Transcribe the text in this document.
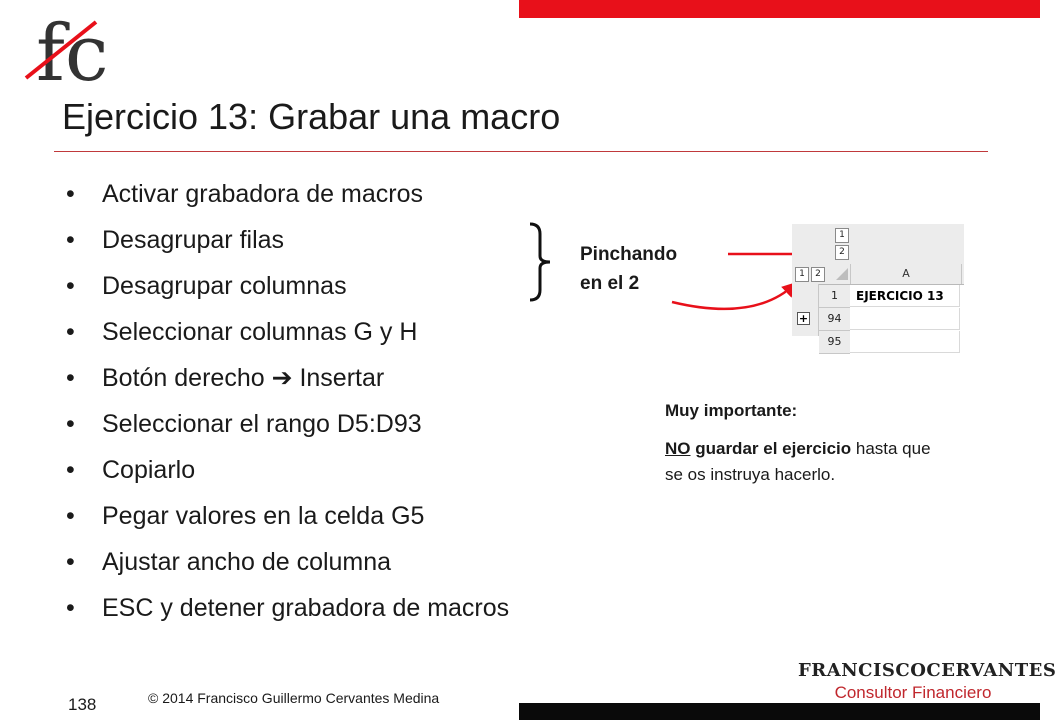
fc
Ejercicio 13: Grabar una macro
• Activar grabadora de macros
• Desagrupar filas
• Desagrupar columnas
• Seleccionar columnas G y H
• Botón derecho ➔ Insertar
• Seleccionar el rango D5:D93
• Copiarlo
• Pegar valores en la celda G5
• Ajustar ancho de columna
• ESC y detener grabadora de macros
Pinchando
en el 2
1
2
1	2	A
+
1	EJERCICIO 13
94
95
Muy importante:
NO guardar el ejercicio hasta que se os instruya hacerlo.
138	© 2014 Francisco Guillermo Cervantes Medina
FRANCISCOCERVANTES
Consultor Financiero
